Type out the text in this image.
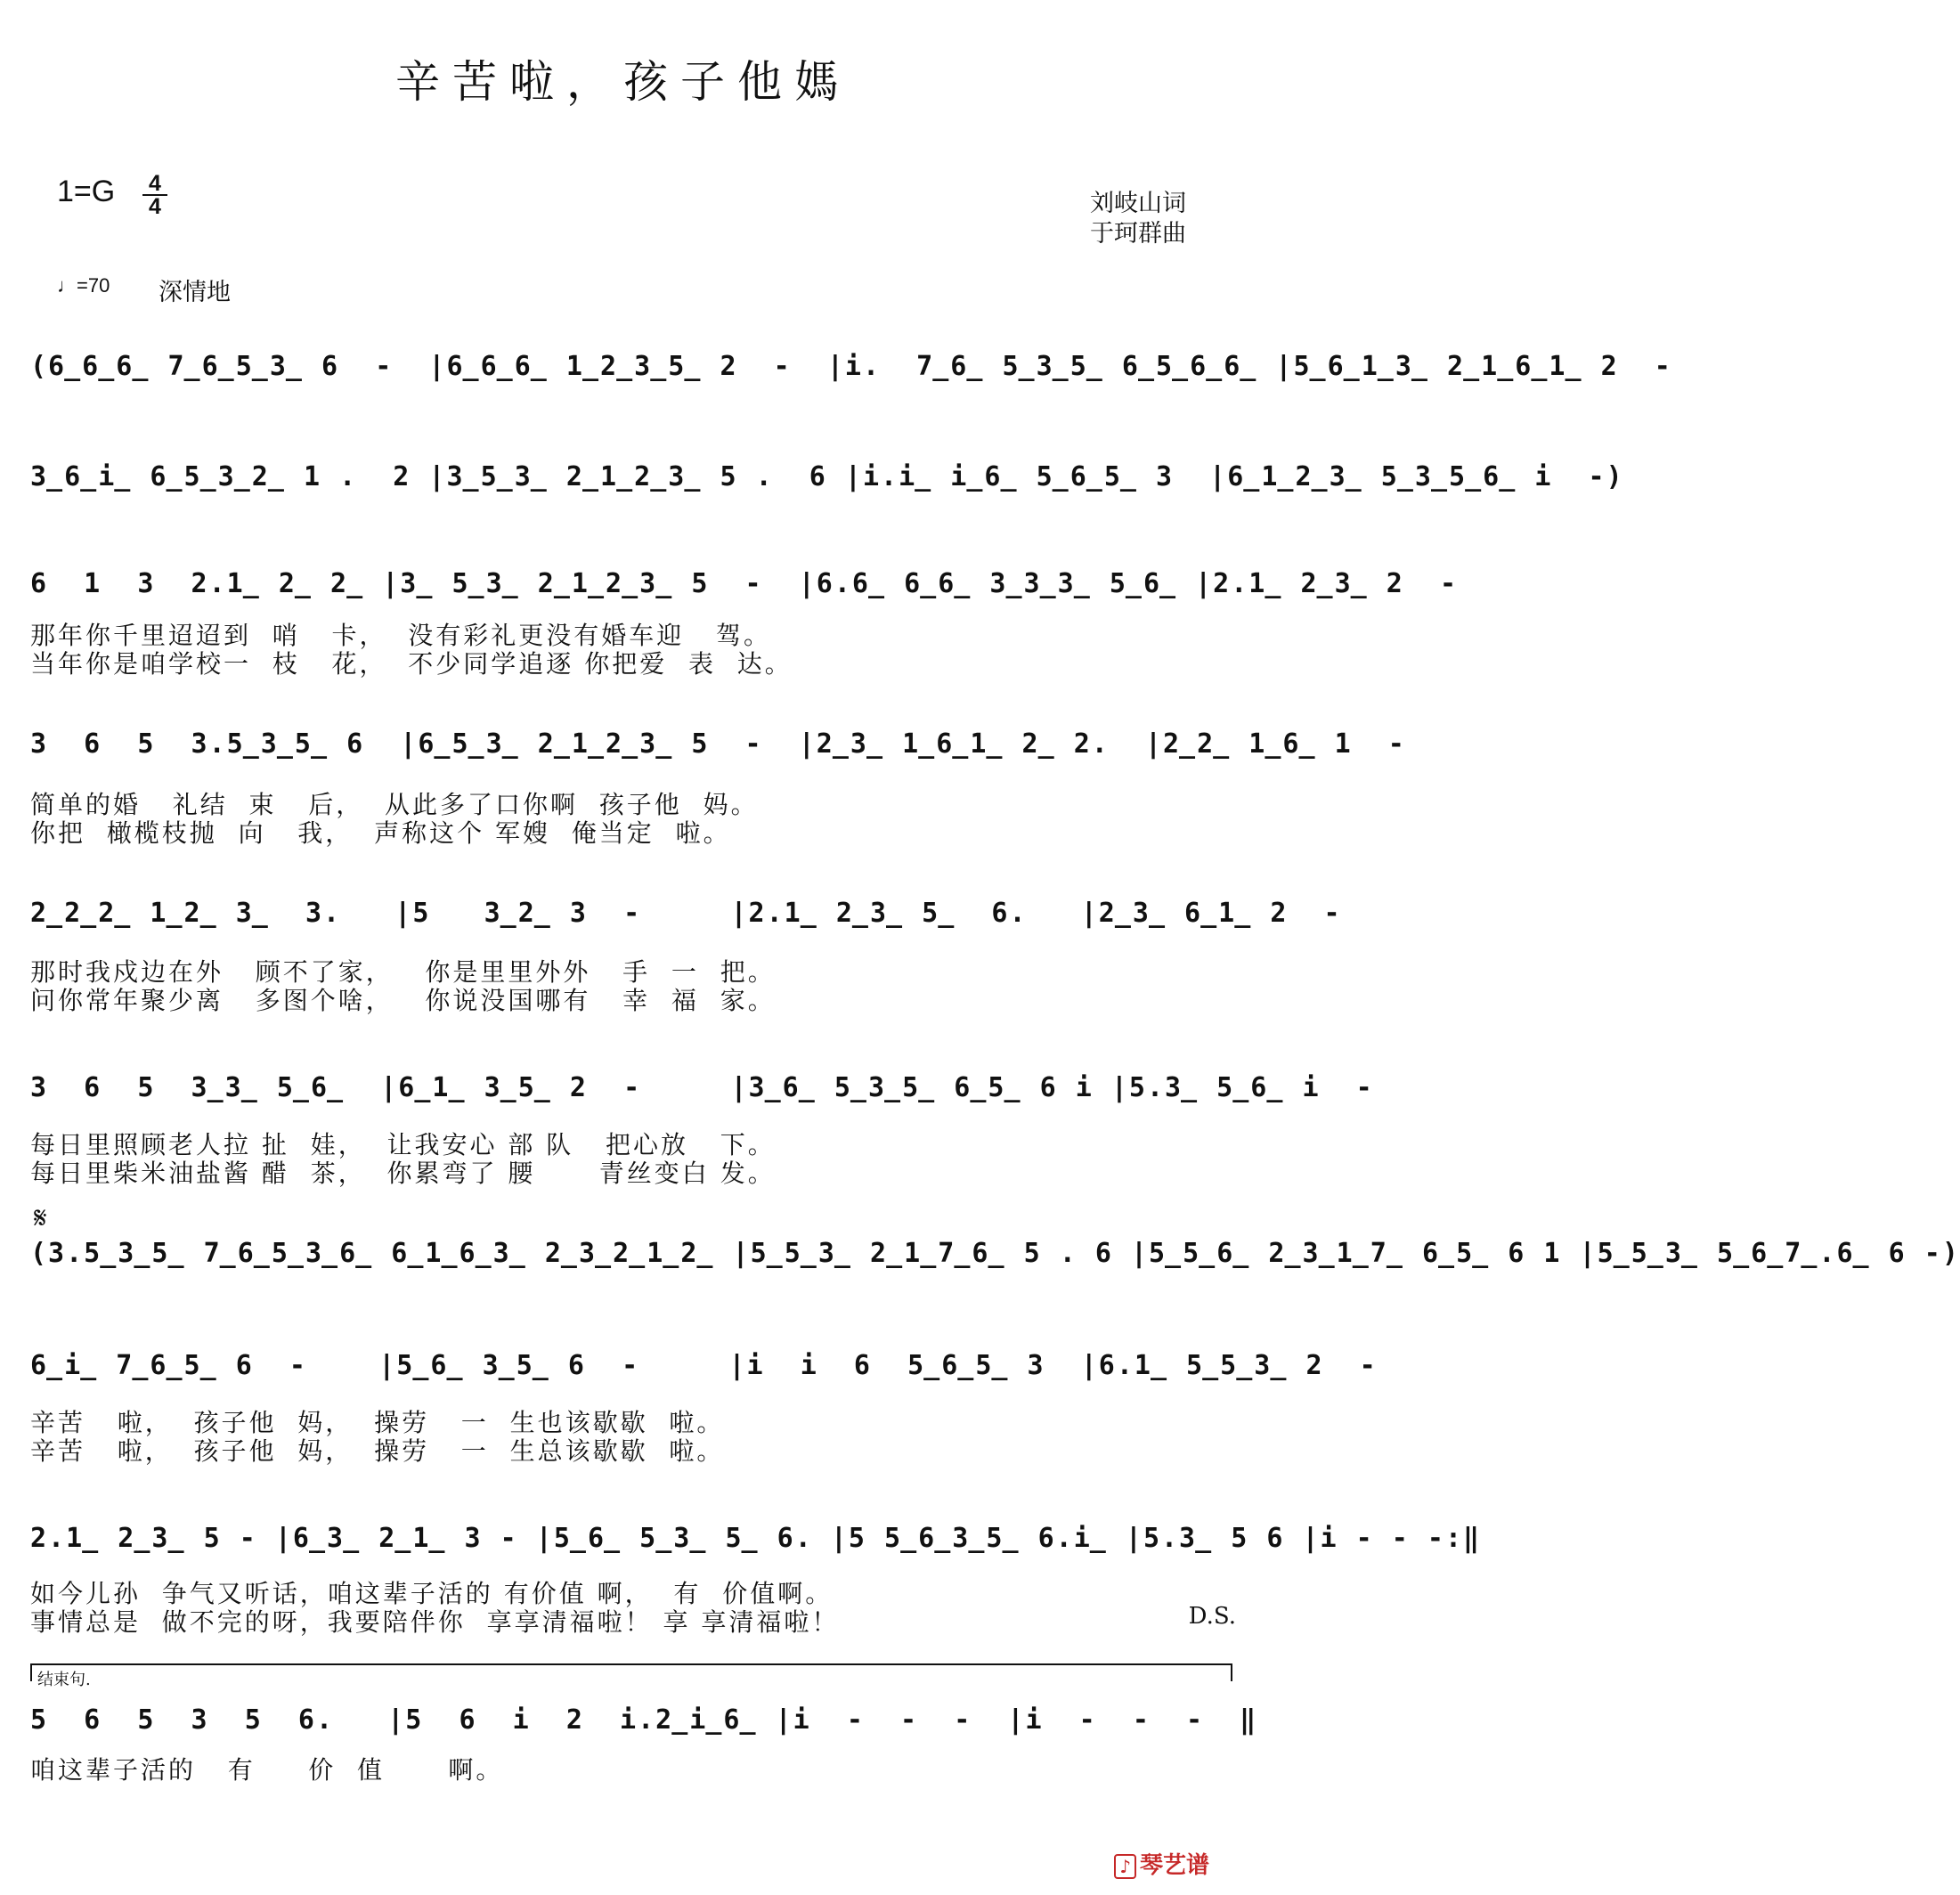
辛苦啦，孩子他媽
1=G 4
4	刘岐山词
于珂群曲
♩=70 深情地
(6̲6̲6̲ 7̲6̲5̲3̲ 6  -  |6̲6̲6̲ 1̲2̲3̲5̲ 2  -  |i.  7̲6̲ 5̲3̲5̲ 6̲5̲6̲6̲ |5̲6̲1̲3̲ 2̲1̲6̲1̲ 2  -
3̲6̲i̲ 6̲5̲3̲2̲ 1 .  2 |3̲5̲3̲ 2̲1̲2̲3̲ 5 .  6 |i.i̲ i̲6̲ 5̲6̲5̲ 3  |6̲1̲2̲3̲ 5̲3̲5̲6̲ i  -)
6  1  3  2.1̲ 2̲ 2̲ |3̲ 5̲3̲ 2̲1̲2̲3̲ 5  -  |6.6̲ 6̲6̲ 3̲3̲3̲ 5̲6̲ |2.1̲ 2̲3̲ 2  -
那年你千里迢迢到  哨   卡，  没有彩礼更没有婚车迎   驾。
当年你是咱学校一  枝   花，  不少同学追逐 你把爱  表  达。
3  6  5  3.5̲3̲5̲ 6  |6̲5̲3̲ 2̲1̲2̲3̲ 5  -  |2̲3̲ 1̲6̲1̲ 2̲ 2.  |2̲2̲ 1̲6̲ 1  -
简单的婚   礼结  束   后，  从此多了口你啊  孩子他  妈。
你把  橄榄枝抛  向   我，  声称这个 军嫂  俺当定  啦。
2̲2̲2̲ 1̲2̲ 3̲  3.   |5   3̲2̲ 3  -     |2.1̲ 2̲3̲ 5̲  6.   |2̲3̲ 6̲1̲ 2  -
那时我戍边在外   顾不了家，   你是里里外外   手  一  把。
问你常年聚少离   多图个啥，   你说没国哪有   幸  福  家。
3  6  5  3̲3̲ 5̲6̲  |6̲1̲ 3̲5̲ 2  -     |3̲6̲ 5̲3̲5̲ 6̲5̲ 6 i |5.3̲ 5̲6̲ i  -
每日里照顾老人拉 扯  娃，  让我安心 部 队   把心放   下。
每日里柴米油盐酱 醋  茶，  你累弯了 腰      青丝变白 发。
𝄋
(3.5̲3̲5̲ 7̲6̲5̲3̲6̲ 6̲1̲6̲3̲ 2̲3̲2̲1̲2̲ |5̲5̲3̲ 2̲1̲7̲6̲ 5 . 6 |5̲5̲6̲ 2̲3̲1̲7̲ 6̲5̲ 6 1 |5̲5̲3̲ 5̲6̲7̲.6̲ 6 -)
6̲i̲ 7̲6̲5̲ 6  -    |5̲6̲ 3̲5̲ 6  -     |i  i  6  5̲6̲5̲ 3  |6.1̲ 5̲5̲3̲ 2  -
辛苦   啦，  孩子他  妈，  操劳   一  生也该歇歇  啦。
辛苦   啦，  孩子他  妈，  操劳   一  生总该歇歇  啦。
2.1̲ 2̲3̲ 5 - |6̲3̲ 2̲1̲ 3 - |5̲6̲ 5̲3̲ 5̲ 6. |5 5̲6̲3̲5̲ 6.i̲ |5.3̲ 5 6 |i - - -:‖
如今儿孙  争气又听话，咱这辈子活的 有价值 啊，  有  价值啊。
事情总是  做不完的呀，我要陪伴你  享享清福啦！ 享 享清福啦！	D.S.
结束句.
5  6  5  3  5  6.   |5  6  i  2  i.2̲i̲6̲ |i  -  -  -  |i  -  -  -  ‖
咱这辈子活的   有     价  值      啊。
♪ 琴艺谱
